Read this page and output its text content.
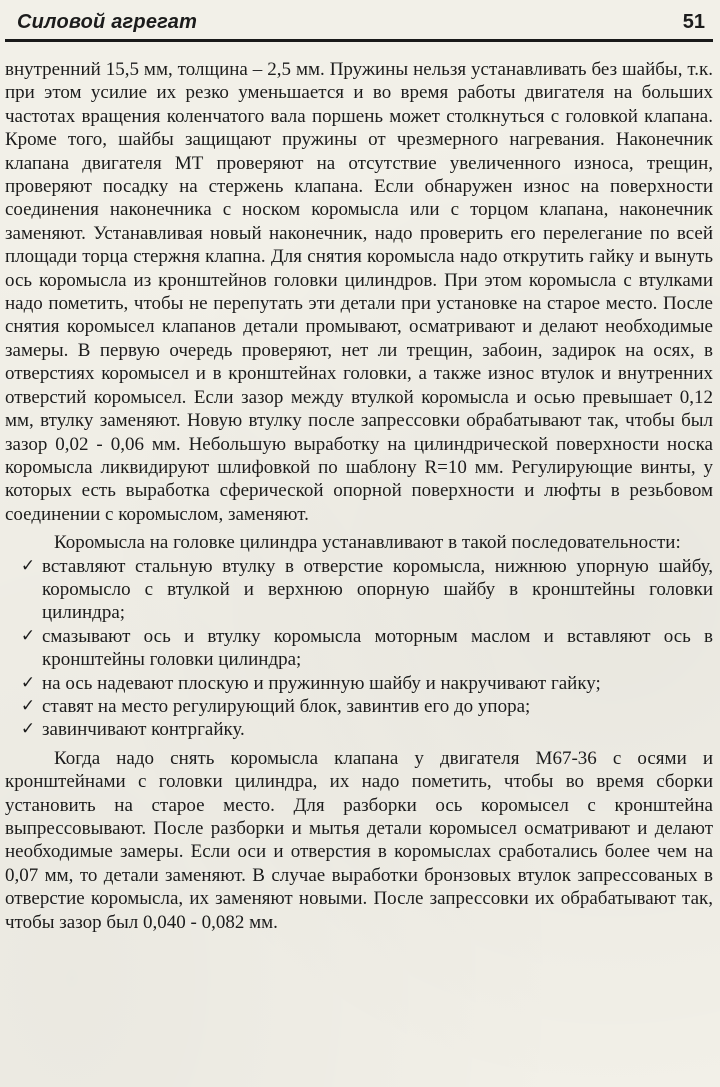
Силовой агрегат	51

внутренний 15,5 мм, толщина – 2,5 мм. Пружины нельзя устанавливать без шайбы, т.к. при этом усилие их резко уменьшается и во время работы двигателя на больших частотах вращения коленчатого вала поршень может столкнуться с головкой клапана. Кроме того, шайбы защищают пружины от чрезмерного нагревания. Наконечник клапана двигателя МТ проверяют на отсутствие увеличенного износа, трещин, проверяют посадку на стержень клапана. Если обнаружен износ на поверхности соединения наконечника с носком коромысла или с торцом клапана, наконечник заменяют. Устанавливая новый наконечник, надо проверить его перелегание по всей площади торца стержня клапна. Для снятия коромысла надо открутить гайку и вынуть ось коромысла из кронштейнов головки цилиндров. При этом коромысла с втулками надо пометить, чтобы не перепутать эти детали при установке на старое место. После снятия коромысел клапанов детали промывают, осматривают и делают необходимые замеры. В первую очередь проверяют, нет ли трещин, забоин, задирок на осях, в отверстиях коромысел и в кронштейнах головки, а также износ втулок и внутренних отверстий коромысел. Если зазор между втулкой коромысла и осью превышает 0,12 мм, втулку заменяют. Новую втулку после запрессовки обрабатывают так, чтобы был зазор 0,02 - 0,06 мм. Небольшую выработку на цилиндрической поверхности носка коромысла ликвидируют шлифовкой по шаблону R=10 мм. Регулирующие винты, у которых есть выработка сферической опорной поверхности и люфты в резьбовом соединении с коромыслом, заменяют.

Коромысла на головке цилиндра устанавливают в такой последовательности:

✓ вставляют стальную втулку в отверстие коромысла, нижнюю упорную шайбу, коромысло с втулкой и верхнюю опорную шайбу в кронштейны головки цилиндра;
✓ смазывают ось и втулку коромысла моторным маслом и вставляют ось в кронштейны головки цилиндра;
✓ на ось надевают плоскую и пружинную шайбу и накручивают гайку;
✓ ставят на место регулирующий блок, завинтив его до упора;
✓ завинчивают контргайку.

Когда надо снять коромысла клапана у двигателя М67-36 с осями и кронштейнами с головки цилиндра, их надо пометить, чтобы во время сборки установить на старое место. Для разборки ось коромысел с кронштейна выпрессовывают. После разборки и мытья детали коромысел осматривают и делают необходимые замеры. Если оси и отверстия в коромыслах сработались более чем на 0,07 мм, то детали заменяют. В случае выработки бронзовых втулок запрессованых в отверстие коромысла, их заменяют новыми. После запрессовки их обрабатывают так, чтобы зазор был 0,040 - 0,082 мм.
